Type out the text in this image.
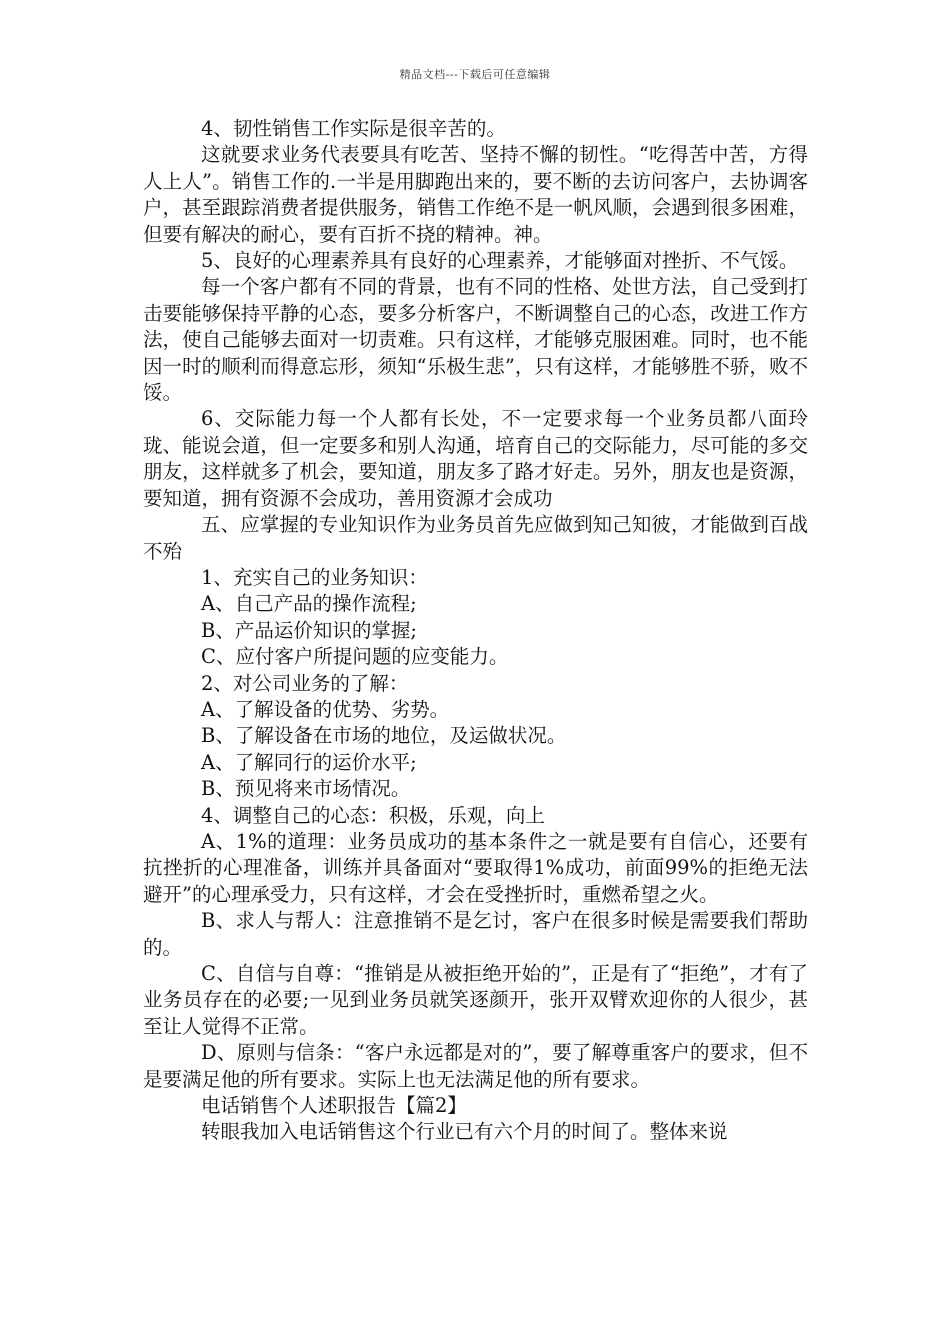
精品文档---下载后可任意编辑

4、韧性销售工作实际是很辛苦的。

这就要求业务代表要具有吃苦、坚持不懈的韧性。“吃得苦中苦，方得人上人”。销售工作的.一半是用脚跑出来的，要不断的去访问客户，去协调客户，甚至跟踪消费者提供服务，销售工作绝不是一帆风顺，会遇到很多困难，但要有解决的耐心，要有百折不挠的精神。神。

5、良好的心理素养具有良好的心理素养，才能够面对挫折、不气馁。

每一个客户都有不同的背景，也有不同的性格、处世方法，自己受到打击要能够保持平静的心态，要多分析客户，不断调整自己的心态，改进工作方法，使自己能够去面对一切责难。只有这样，才能够克服困难。同时，也不能因一时的顺利而得意忘形，须知“乐极生悲”，只有这样，才能够胜不骄，败不馁。

6、交际能力每一个人都有长处，不一定要求每一个业务员都八面玲珑、能说会道，但一定要多和别人沟通，培育自己的交际能力，尽可能的多交朋友，这样就多了机会，要知道，朋友多了路才好走。另外，朋友也是资源，要知道，拥有资源不会成功，善用资源才会成功

五、应掌握的专业知识作为业务员首先应做到知己知彼，才能做到百战不殆

1、充实自己的业务知识：

A、自己产品的操作流程;

B、产品运价知识的掌握;

C、应付客户所提问题的应变能力。

2、对公司业务的了解：

A、了解设备的优势、劣势。

B、了解设备在市场的地位，及运做状况。

A、了解同行的运价水平;

B、预见将来市场情况。

4、调整自己的心态：积极，乐观，向上

A、1%的道理：业务员成功的基本条件之一就是要有自信心，还要有抗挫折的心理准备，训练并具备面对“要取得1%成功，前面99%的拒绝无法避开”的心理承受力，只有这样，才会在受挫折时，重燃希望之火。

B、求人与帮人：注意推销不是乞讨，客户在很多时候是需要我们帮助的。

C、自信与自尊：“推销是从被拒绝开始的”，正是有了“拒绝”，才有了业务员存在的必要;一见到业务员就笑逐颜开，张开双臂欢迎你的人很少，甚至让人觉得不正常。

D、原则与信条：“客户永远都是对的”，要了解尊重客户的要求，但不是要满足他的所有要求。实际上也无法满足他的所有要求。

电话销售个人述职报告【篇2】

转眼我加入电话销售这个行业已有六个月的时间了。整体来说
